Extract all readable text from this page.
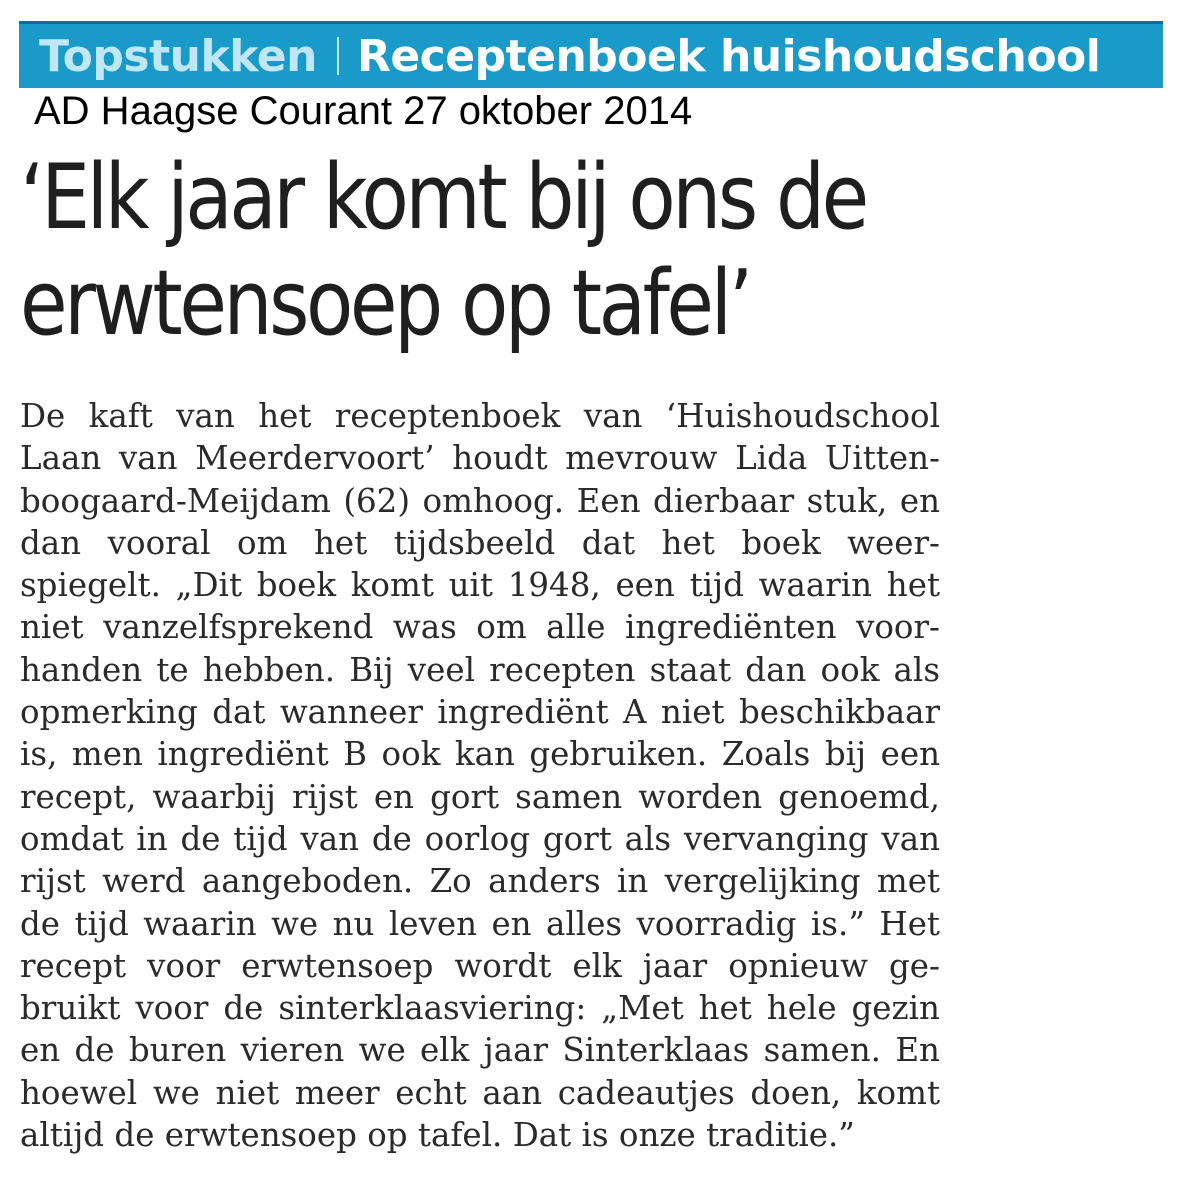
Topstukken Receptenboek huishoudschool
AD Haagse Courant 27 oktober 2014
‘Elk jaar komt bij ons de erwtensoep op tafel’

De kaft van het receptenboek van ‘Huishoudschool Laan van Meerdervoort’ houdt mevrouw Lida Uittenboogaard-Meijdam (62) omhoog. Een dierbaar stuk, en dan vooral om het tijdsbeeld dat het boek weerspiegelt. „Dit boek komt uit 1948, een tijd waarin het niet vanzelfsprekend was om alle ingrediënten voorhanden te hebben. Bij veel recepten staat dan ook als opmerking dat wanneer ingrediënt A niet beschikbaar is, men ingrediënt B ook kan gebruiken. Zoals bij een recept, waarbij rijst en gort samen worden genoemd, omdat in de tijd van de oorlog gort als vervanging van rijst werd aangeboden. Zo anders in vergelijking met de tijd waarin we nu leven en alles voorradig is.” Het recept voor erwtensoep wordt elk jaar opnieuw gebruikt voor de sinterklaasviering: „Met het hele gezin en de buren vieren we elk jaar Sinterklaas samen. En hoewel we niet meer echt aan cadeautjes doen, komt altijd de erwtensoep op tafel. Dat is onze traditie.”
